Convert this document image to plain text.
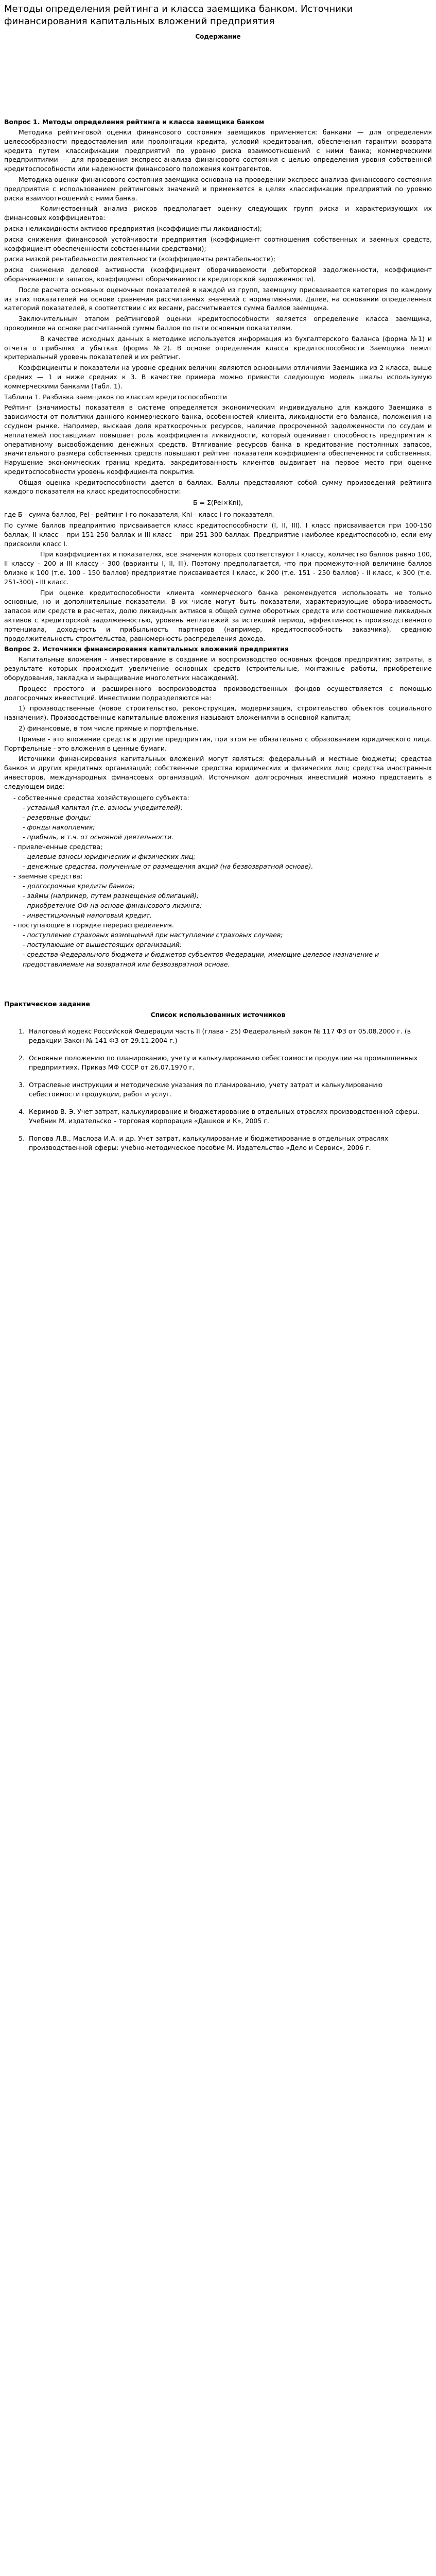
Методы определения рейтинга и класса заемщика банком. Источники финансирования капитальных вложений предприятия
Содержание
Вопрос 1. Методы определения рейтинга и класса заемщика банком

Методика рейтинговой оценки финансового состояния заемщиков применяется: банками — для определения целесообразности предоставления или пролонгации кредита, условий кредитования, обеспечения гарантии возврата кредита путем классификации предприятий по уровню риска взаимоотношений с ними банка; коммерческими предприятиями — для проведения экспресс-анализа финансового состояния с целью определения уровня собственной кредитоспособности или надежности финансового положения контрагентов.

Методика оценки финансового состояния заемщика основана на проведении экспресс-анализа финансового состояния предприятия с использованием рейтинговых значений и применяется в целях классификации предприятий по уровню риска взаимоотношений с ними банка.

Количественный анализ рисков предполагает оценку следующих групп риска и характеризующих их финансовых коэффициентов:

риска неликвидности активов предприятия (коэффициенты ликвидности);

риска снижения финансовой устойчивости предприятия (коэффициент соотношения собственных и заемных средств, коэффициент обеспеченности собственными средствами);

риска низкой рентабельности деятельности (коэффициенты рентабельности);

риска снижения деловой активности (коэффициент оборачиваемости дебиторской задолженности, коэффициент оборачиваемости запасов, коэффициент оборачиваемости кредиторской задолженности).

После расчета основных оценочных показателей в каждой из групп, заемщику присваивается категория по каждому из этих показателей на основе сравнения рассчитанных значений с нормативными. Далее, на основании определенных категорий показателей, в соответствии с их весами, рассчитывается сумма баллов заемщика.

Заключительным этапом рейтинговой оценки кредитоспособности является определение класса заемщика, проводимое на основе рассчитанной суммы баллов по пяти основным показателям.

В качестве исходных данных в методике используется информация из бухгалтерского баланса (форма №1) и отчета о прибылях и убытках (форма №2). В основе определения класса кредитоспособности Заемщика лежит критериальный уровень показателей и их рейтинг.

Коэффициенты и показатели на уровне средних величин являются основными отличиями Заемщика из 2 класса, выше средних — 1 и ниже средних к 3. В качестве примера можно привести следующую модель шкалы использумую коммерческими банками (Табл. 1).

Таблица 1. Разбивка заемщиков по классам кредитоспособности

Рейтинг (значимость) показателя в системе определяется экономическим индивидуально для каждого Заемщика в зависимости от политики данного коммерческого банка, особенностей клиента, ликвидности его баланса, положения на ссудном рынке. Например, выскаая доля краткосрочных ресурсов, наличие просроченной задолженности по ссудам и неплатежей поставщикам повышает роль коэффициента ликвидности, который оценивает способность предприятия к оперативному высвобождению денежных средств. Втягивание ресурсов банка в кредитование постоянных запасов, значительного размера собственных средств повышают рейтинг показателя коэффициента обеспеченности собственных. Нарушение экономических границ кредита, закредитованность клиентов выдвигает на первое место при оценке кредитоспособности уровень коэффициента покрытия.

Общая оценка кредитоспособности дается в баллах. Баллы представляют собой сумму произведений рейтинга каждого показателя на класс кредитоспособности:

Б = Σ(Pei×Kni),

где Б - сумма баллов, Pei - рейтинг i-го показателя, Kni - класс i-го показателя.

По сумме баллов предприятию присваивается класс кредитоспособности (I, II, III). I класс присваивается при 100-150 баллах, II класс – при 151-250 баллах и III класс – при 251-300 баллах. Предприятие наиболее кредитоспособно, если ему присвоили класс I.

При коэффициентах и показателях, все значения которых соответствуют I классу, количество баллов равно 100, II классу – 200 и III классу - 300 (варианты I, II, III). Поэтому предполагается, что при промежуточной величине баллов близко к 100 (т.е. 100 - 150 баллов) предприятие присваивается I класс, к 200 (т.е. 151 - 250 баллов) - II класс, к 300 (т.е. 251-300) - III класс.

При оценке кредитоспособности клиента коммерческого банка рекомендуется использовать не только основные, но и дополнительные показатели. В их числе могут быть показатели, характеризующие оборачиваемость запасов или средств в расчетах, долю ликвидных активов в общей сумме оборотных средств или соотношение ликвидных активов с кредиторской задолженностью, уровень неплатежей за истекший период, эффективность производственного потенциала, доходность и прибыльность партнеров (например, кредитоспособность заказчика), среднюю продолжительность строительства, равномерность распределения дохода.

Вопрос 2. Источники финансирования капитальных вложений предприятия

Капитальные вложения - инвестирование в создание и воспроизводство основных фондов предприятия; затраты, в результате которых происходит увеличение основных средств (строительные, монтажные работы, приобретение оборудования, закладка и выращивание многолетних насаждений).

Процесс простого и расширенного воспроизводства производственных фондов осуществляется с помощью долгосрочных инвестиций. Инвестиции подразделяются на:

1) производственные (новое строительство, реконструкция, модернизация, строительство объектов социального назначения). Производственные капитальные вложения называют вложениями в основной капитал;

2) финансовые, в том числе прямые и портфельные.

Прямые - это вложение средств в другие предприятия, при этом не обязательно с образованием юридического лица. Портфельные - это вложения в ценные бумаги.

Источники финансирования капитальных вложений могут являться: федеральный и местные бюджеты; средства банков и других кредитных организаций; собственные средства юридических и физических лиц; средства иностранных инвесторов, международных финансовых организаций. Источником долгосрочных инвестиций можно представить в следующем виде:

- собственные средства хозяйствующего субъекта:
- уставный капитал (т.е. взносы учредителей);
- резервные фонды;
- фонды накопления;
- прибыль, и т.ч. от основной деятельности.
- привлеченные средства;
- целевые взносы юридических и физических лиц;
- денежные средства, полученные от размещения акций (на безвозвратной основе).
- заемные средства;
- долгосрочные кредиты банков;
- займы (например, путем размещения облигаций);
- приобретение ОФ на основе финансового лизинга;
- инвестиционный налоговый кредит.
- поступающие в порядке перераспределения.
- поступление страховых возмещений при наступлении страховых случаев;
- поступающие от вышестоящих организаций;
- средства Федерального бюджета и бюджетов субъектов Федерации, имеющие целевое назначение и предоставляемые на возвратной или безвозвратной основе.
Практическое задание
Список использованных источников
1. Налоговый кодекс Российской Федерации часть II (глава - 25) Федеральный закон № 117 Ф3 от 05.08.2000 г. (в редакции Закон № 141 Ф3 от 29.11.2004 г.)
2. Основные положению по планированию, учету и калькулированию себестоимости продукции на промышленных предприятиях. Приказ МФ СССР от 26.07.1970 г.
3. Отраслевые инструкции и методические указания по планированию, учету затрат и калькулированию себестоимости продукции, работ и услуг.
4. Керимов В. Э. Учет затрат, калькулирование и бюджетирование в отдельных отраслях производственной сферы. Учебник М. издательско – торговая корпорация «Дашков и К», 2005 г.
5. Попова Л.В., Маслова И.А. и др. Учет затрат, калькулирование и бюджетирование в отдельных отраслях производственной сферы: учебно-методическое пособие М. Издательство «Дело и Сервис», 2006 г.
